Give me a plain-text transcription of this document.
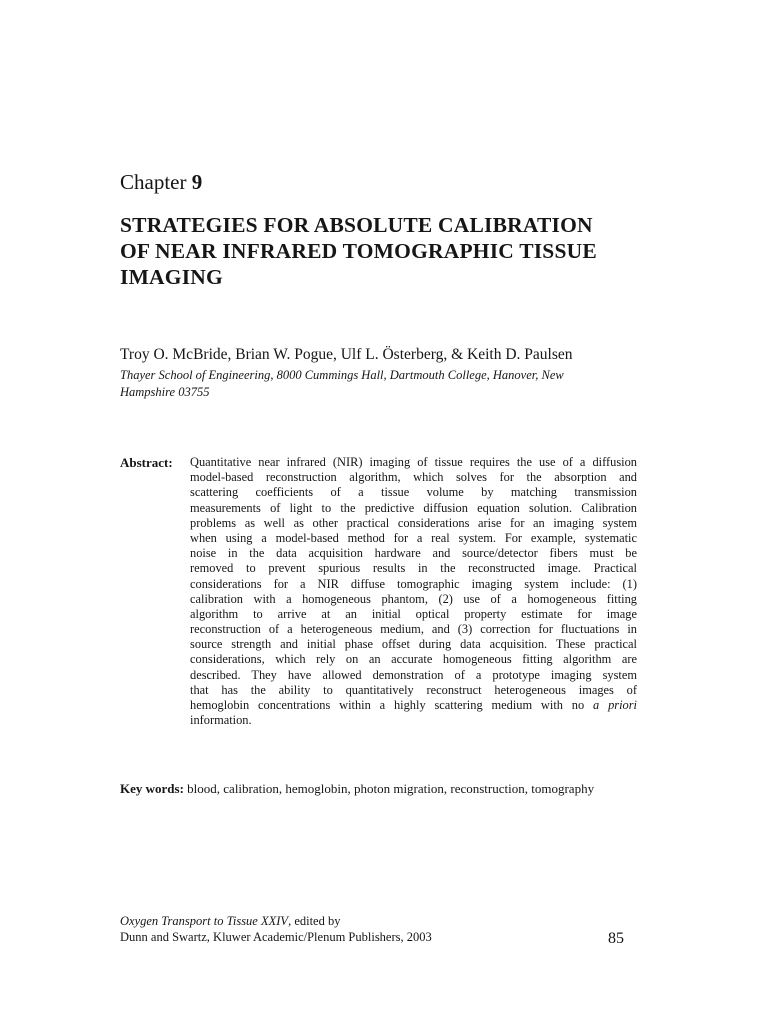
Chapter 9
STRATEGIES FOR ABSOLUTE CALIBRATION
OF NEAR INFRARED TOMOGRAPHIC TISSUE
IMAGING
Troy O. McBride, Brian W. Pogue, Ulf L. Österberg, & Keith D. Paulsen
Thayer School of Engineering, 8000 Cummings Hall, Dartmouth College, Hanover, New
Hampshire 03755
Abstract: Quantitative near infrared (NIR) imaging of tissue requires the use of a diffusion
model-based reconstruction algorithm, which solves for the absorption and
scattering coefficients of a tissue volume by matching transmission
measurements of light to the predictive diffusion equation solution. Calibration
problems as well as other practical considerations arise for an imaging system
when using a model-based method for a real system. For example, systematic
noise in the data acquisition hardware and source/detector fibers must be
removed to prevent spurious results in the reconstructed image. Practical
considerations for a NIR diffuse tomographic imaging system include: (1)
calibration with a homogeneous phantom, (2) use of a homogeneous fitting
algorithm to arrive at an initial optical property estimate for image
reconstruction of a heterogeneous medium, and (3) correction for fluctuations in
source strength and initial phase offset during data acquisition. These practical
considerations, which rely on an accurate homogeneous fitting algorithm are
described. They have allowed demonstration of a prototype imaging system
that has the ability to quantitatively reconstruct heterogeneous images of
hemoglobin concentrations within a highly scattering medium with no a priori
information.
Key words: blood, calibration, hemoglobin, photon migration, reconstruction, tomography
Oxygen Transport to Tissue XXIV, edited by
Dunn and Swartz, Kluwer Academic/Plenum Publishers, 2003	85
